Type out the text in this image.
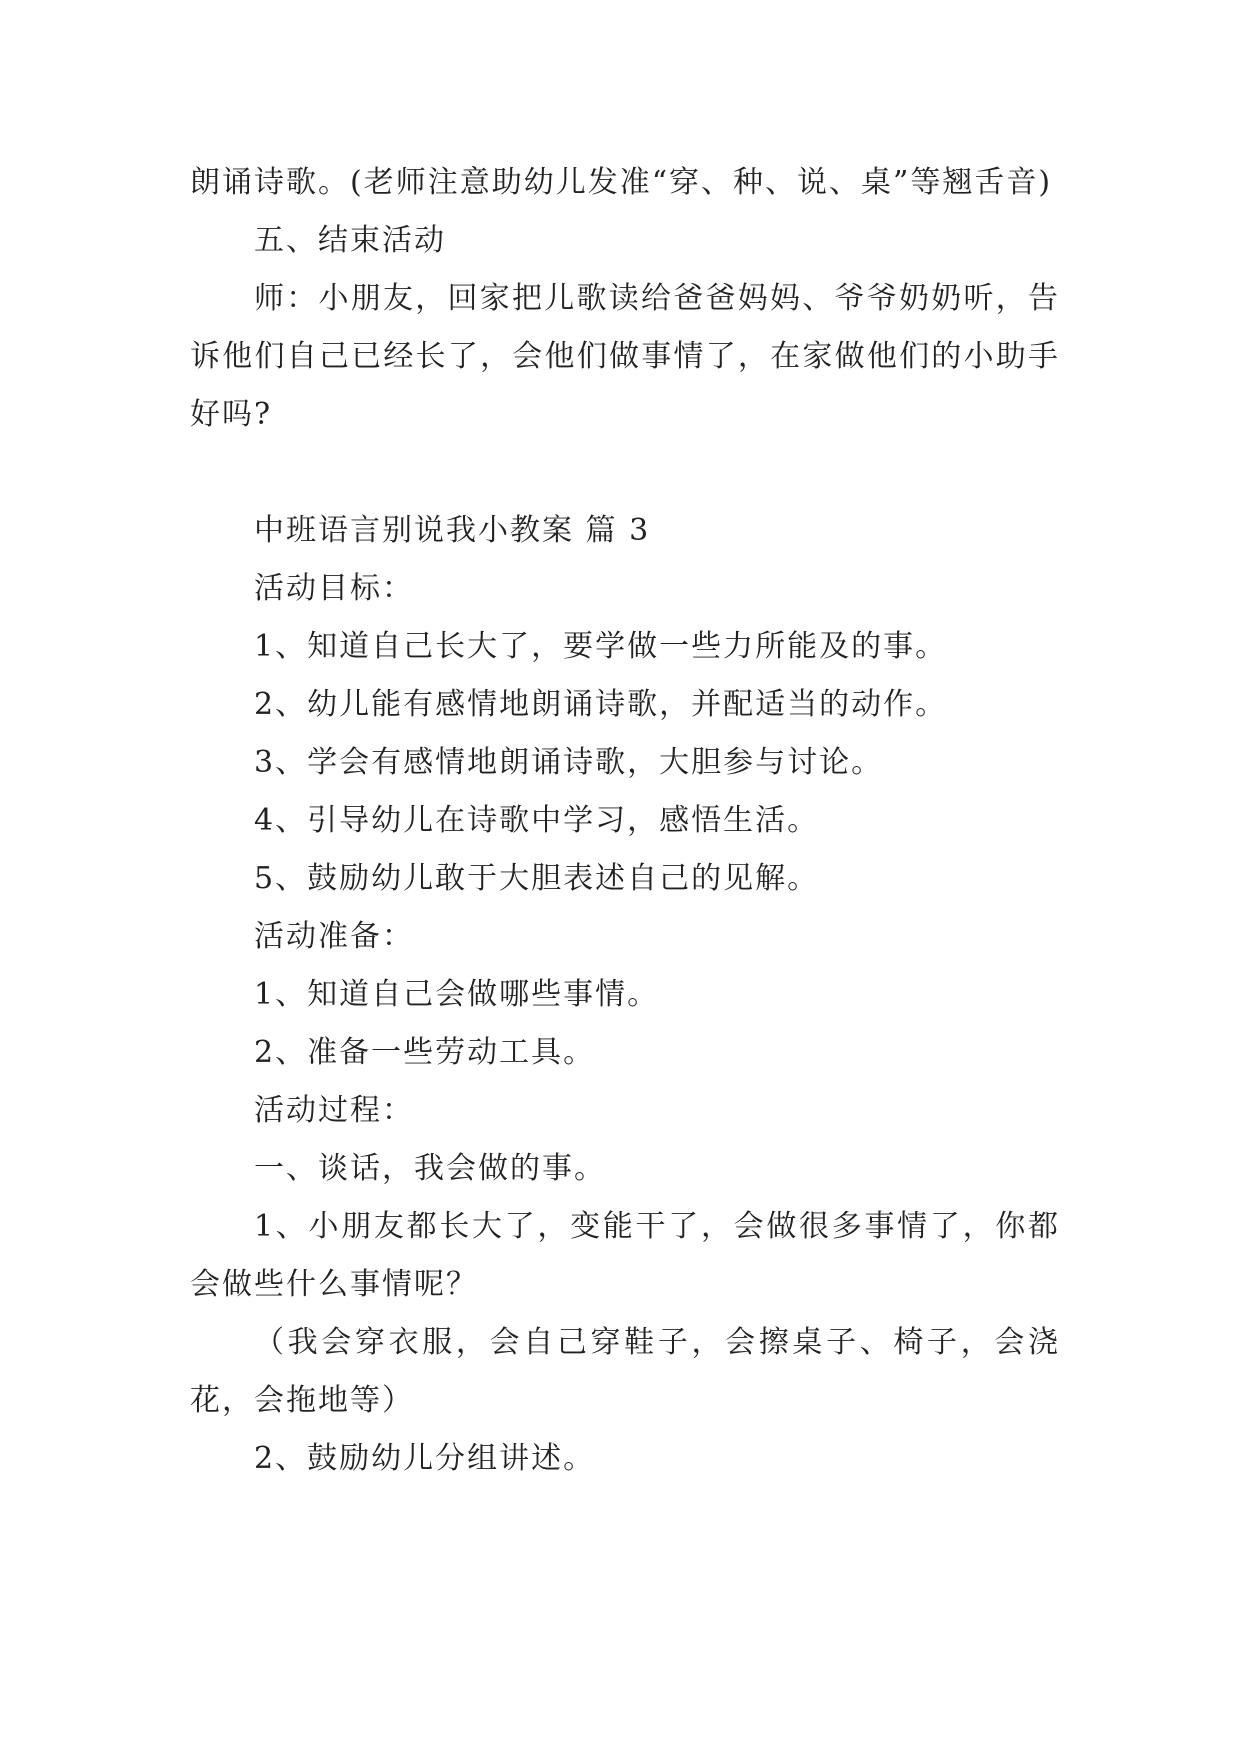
朗诵诗歌。(老师注意助幼儿发准“穿、种、说、桌”等翘舌音)

五、结束活动

师：小朋友，回家把儿歌读给爸爸妈妈、爷爷奶奶听，告诉他们自己已经长了，会他们做事情了，在家做他们的小助手好吗?

中班语言别说我小教案 篇 3

活动目标：

1、知道自己长大了，要学做一些力所能及的事。

2、幼儿能有感情地朗诵诗歌，并配适当的动作。

3、学会有感情地朗诵诗歌，大胆参与讨论。

4、引导幼儿在诗歌中学习，感悟生活。

5、鼓励幼儿敢于大胆表述自己的见解。

活动准备：

1、知道自己会做哪些事情。

2、准备一些劳动工具。

活动过程：

一、谈话，我会做的事。

1、小朋友都长大了，变能干了，会做很多事情了，你都会做些什么事情呢？

（我会穿衣服，会自己穿鞋子，会擦桌子、椅子，会浇花，会拖地等）

2、鼓励幼儿分组讲述。
